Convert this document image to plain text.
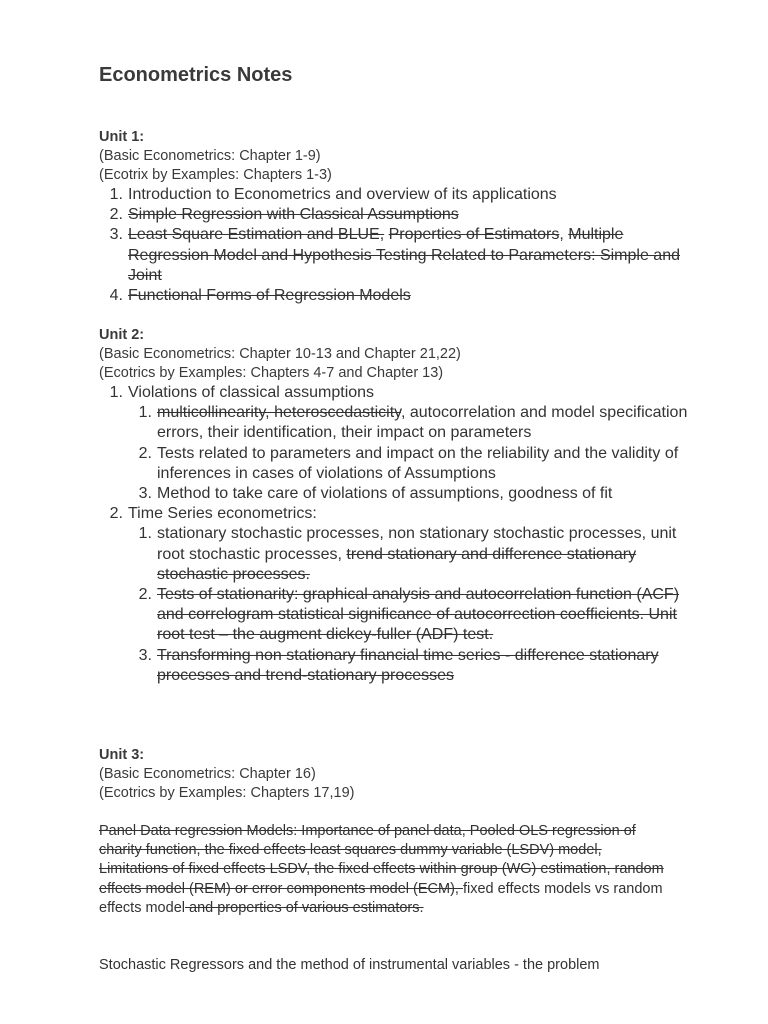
Econometrics Notes

Unit 1:

(Basic Econometrics: Chapter 1-9)

(Ecotrix by Examples: Chapters 1-3)

1. Introduction to Econometrics and overview of its applications
2. Simple Regression with Classical Assumptions
3. Least Square Estimation and BLUE, Properties of Estimators, Multiple Regression Model and Hypothesis Testing Related to Parameters: Simple and Joint
4. Functional Forms of Regression Models

Unit 2:

(Basic Econometrics: Chapter 10-13 and Chapter 21,22)

(Ecotrics by Examples: Chapters 4-7 and Chapter 13)

1. Violations of classical assumptions
1. multicollinearity, heteroscedasticity, autocorrelation and model specification errors, their identification, their impact on parameters
2. Tests related to parameters and impact on the reliability and the validity of inferences in cases of violations of Assumptions
3. Method to take care of violations of assumptions, goodness of fit
2. Time Series econometrics:
1. stationary stochastic processes, non stationary stochastic processes, unit root stochastic processes, trend stationary and difference stationary stochastic processes.
2. Tests of stationarity: graphical analysis and autocorrelation function (ACF) and correlogram statistical significance of autocorrection coefficients. Unit root test – the augment dickey-fuller (ADF) test.
3. Transforming non stationary financial time series - difference stationary processes and trend-stationary processes

Unit 3:

(Basic Econometrics: Chapter 16)

(Ecotrics by Examples: Chapters 17,19)

Panel Data regression Models: Importance of panel data, Pooled OLS regression of charity function, the fixed effects least squares dummy variable (LSDV) model, Limitations of fixed effects LSDV, the fixed effects within group (WG) estimation, random effects model (REM) or error components model (ECM), fixed effects models vs random effects model and properties of various estimators.

Stochastic Regressors and the method of instrumental variables - the problem
